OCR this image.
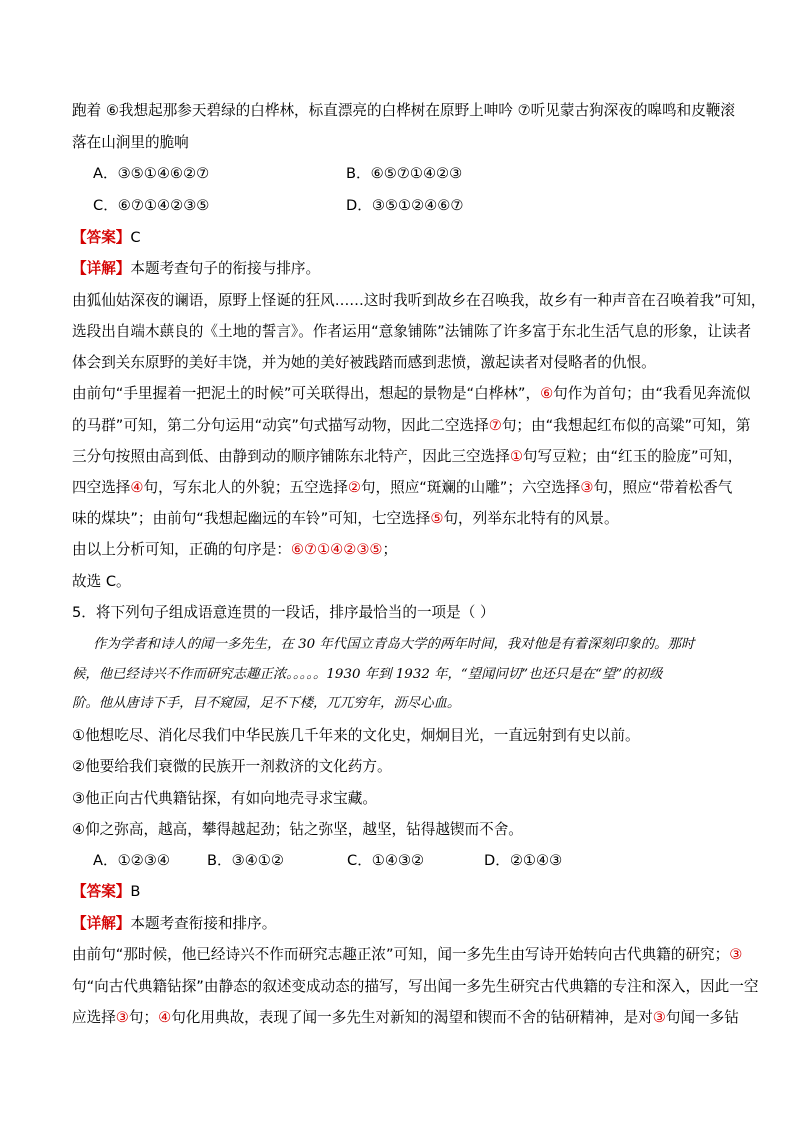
跑着 ⑥我想起那参天碧绿的白桦林，标直漂亮的白桦树在原野上呻吟 ⑦听见蒙古狗深夜的嗥鸣和皮鞭滚
落在山涧里的脆响
A．③⑤①④⑥②⑦	B．⑥⑤⑦①④②③
C．⑥⑦①④②③⑤	D．③⑤①②④⑥⑦
【答案】C
【详解】本题考查句子的衔接与排序。
由狐仙姑深夜的谰语，原野上怪诞的狂风……这时我听到故乡在召唤我，故乡有一种声音在召唤着我”可知，
选段出自端木蕻良的《土地的誓言》。作者运用“意象铺陈”法铺陈了许多富于东北生活气息的形象，让读者
体会到关东原野的美好丰饶，并为她的美好被践踏而感到悲愤，激起读者对侵略者的仇恨。
由前句“手里握着一把泥土的时候”可关联得出，想起的景物是“白桦林”，⑥句作为首句；由“我看见奔流似
的马群”可知，第二分句运用“动宾”句式描写动物，因此二空选择⑦句；由“我想起红布似的高粱”可知，第
三分句按照由高到低、由静到动的顺序铺陈东北特产，因此三空选择①句写豆粒；由“红玉的脸庞”可知，
四空选择④句，写东北人的外貌；五空选择②句，照应“斑斓的山雕”；六空选择③句，照应“带着松香气
味的煤块”；由前句“我想起幽远的车铃”可知，七空选择⑤句，列举东北特有的风景。
由以上分析可知，正确的句序是：⑥⑦①④②③⑤；
故选 C。
5．将下列句子组成语意连贯的一段话，排序最恰当的一项是（ ）
作为学者和诗人的闻一多先生，在 30 年代国立青岛大学的两年时间，我对他是有着深刻印象的。那时
候，他已经诗兴不作而研究志趣正浓。。。。。1930 年到 1932 年，“望闻问切”也还只是在“望”的初级
阶。他从唐诗下手，目不窥园，足不下楼，兀兀穷年，沥尽心血。
①他想吃尽、消化尽我们中华民族几千年来的文化史，炯炯目光，一直远射到有史以前。
②他要给我们衰微的民族开一剂救济的文化药方。
③他正向古代典籍钻探，有如向地壳寻求宝藏。
④仰之弥高，越高，攀得越起劲；钻之弥坚，越坚，钻得越锲而不舍。
A．①②③④	B．③④①②	C．①④③②	D．②①④③
【答案】B
【详解】本题考查衔接和排序。
由前句“那时候，他已经诗兴不作而研究志趣正浓”可知，闻一多先生由写诗开始转向古代典籍的研究；③
句“向古代典籍钻探”由静态的叙述变成动态的描写，写出闻一多先生研究古代典籍的专注和深入，因此一空
应选择③句；④句化用典故，表现了闻一多先生对新知的渴望和锲而不舍的钻研精神，是对③句闻一多钻
